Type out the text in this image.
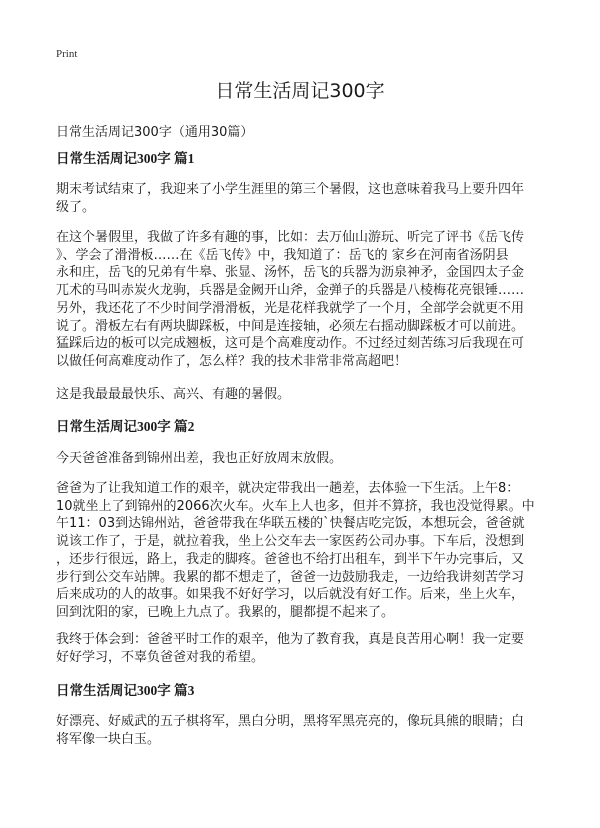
Print
日常生活周记300字
日常生活周记300字（通用30篇）
日常生活周记300字 篇1
期末考试结束了，我迎来了小学生涯里的第三个暑假，这也意味着我马上要升四年
级了。
在这个暑假里，我做了许多有趣的事，比如：去万仙山游玩、听完了评书《岳飞传
》、学会了滑滑板……在《岳飞传》中，我知道了：岳飞的 家乡在河南省汤阴县
永和庄，岳飞的兄弟有牛皋、张显、汤怀，岳飞的兵器为沥泉神矛，金国四太子金
兀术的马叫赤炭火龙驹，兵器是金阙开山斧，金弹子的兵器是八棱梅花亮银锤……
另外，我还花了不少时间学滑滑板，光是花样我就学了一个月，全部学会就更不用
说了。滑板左右有两块脚踩板，中间是连接轴，必须左右摇动脚踩板才可以前进。
猛踩后边的板可以完成翘板，这可是个高难度动作。不过经过刻苦练习后我现在可
以做任何高难度动作了，怎么样？我的技术非常非常高超吧！
这是我最最最快乐、高兴、有趣的暑假。
日常生活周记300字 篇2
今天爸爸准备到锦州出差，我也正好放周末放假。
爸爸为了让我知道工作的艰辛，就决定带我出一趟差，去体验一下生活。上午8：
10就坐上了到锦州的2066次火车。火车上人也多，但并不算挤，我也没觉得累。中
午11：03到达锦州站，爸爸带我在华联五楼的`快餐店吃完饭，本想玩会，爸爸就
说该工作了，于是，就拉着我，坐上公交车去一家医药公司办事。下车后，没想到
，还步行很远，路上，我走的脚疼。爸爸也不给打出租车，到半下午办完事后，又
步行到公交车站牌。我累的都不想走了，爸爸一边鼓励我走，一边给我讲刻苦学习
后来成功的人的故事。如果我不好好学习，以后就没有好工作。后来，坐上火车，
回到沈阳的家，已晚上九点了。我累的，腿都提不起来了。
我终于体会到：爸爸平时工作的艰辛，他为了教育我，真是良苦用心啊！我一定要
好好学习，不辜负爸爸对我的希望。
日常生活周记300字 篇3
好漂亮、好威武的五子棋将军，黑白分明，黑将军黑亮亮的，像玩具熊的眼睛；白
将军像一块白玉。
